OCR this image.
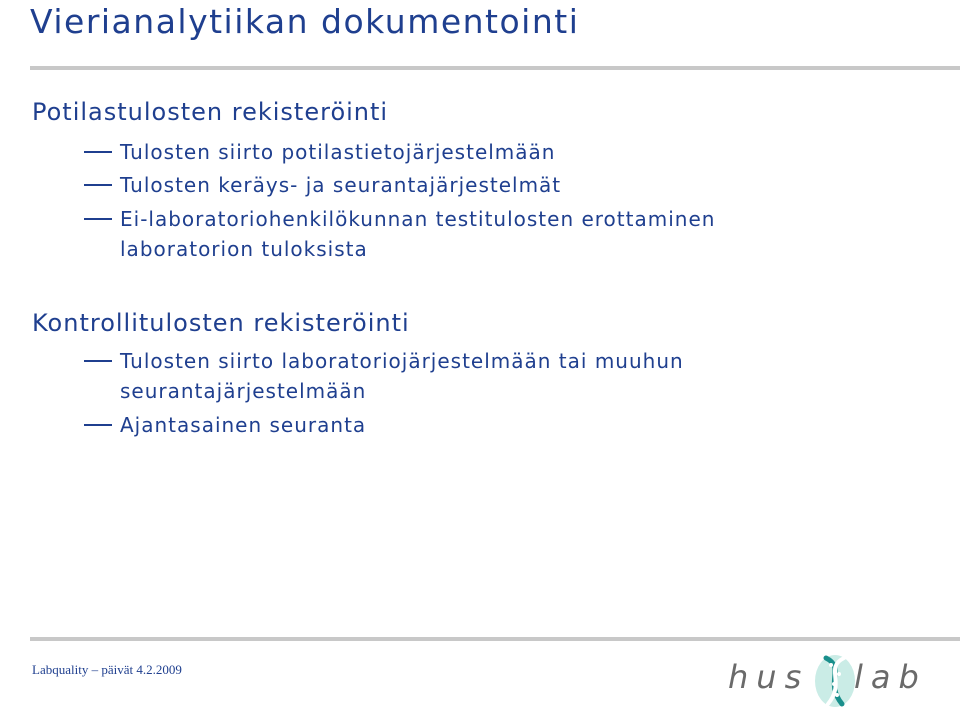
Vierianalytiikan dokumentointi
Potilastulosten rekisteröinti
Tulosten siirto potilastietojärjestelmään
Tulosten keräys- ja seurantajärjestelmät
Ei-laboratoriohenkilökunnan testitulosten erottaminen laboratorion tuloksista
Kontrollitulosten rekisteröinti
Tulosten siirto laboratoriojärjestelmään tai muuhun seurantajärjestelmään
Ajantasainen seuranta
Labquality – päivät 4.2.2009	hus lab
